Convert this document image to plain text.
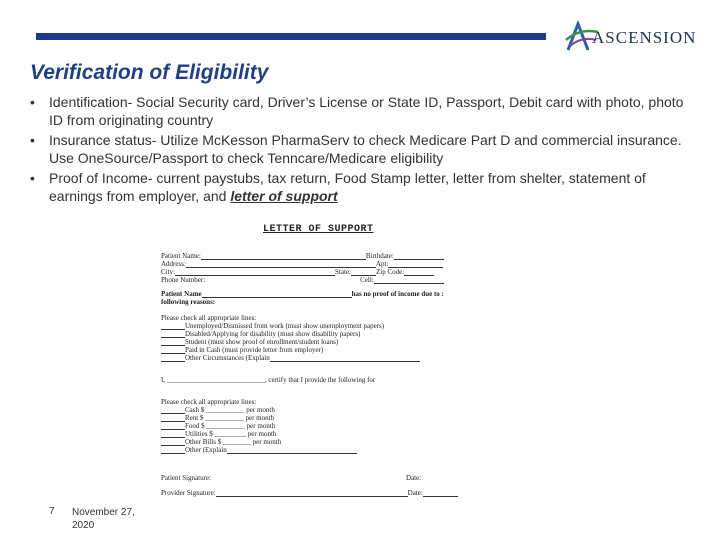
ASCENSION
Verification of Eligibility
• Identification- Social Security card, Driver’s License or State ID, Passport, Debit card with photo, photo ID from originating country
• Insurance status- Utilize McKesson PharmaServ to check Medicare Part D and commercial insurance. Use OneSource/Passport to check Tenncare/Medicare eligibility
• Proof of Income- current paystubs, tax return, Food Stamp letter, letter from shelter, statement of earnings from employer, and letter of support
LETTER OF SUPPORT
Patient Name:	Birthdate:
Address:	Apt:
City:	State:	Zip Code:
Phone Number:	Cell:
Patient Name	has no proof of income due to :
following reasons:
Please check all appropriate lines:
Unemployed/Dismissed from work (must show unemployment papers)
Disabled/Applying for disability (must show disability papers)
Student (must show proof of enrollment/student loans)
Paid in Cash (must provide letter from employer)
Other Circumstances (Explain
I, ____________________________, certify that I provide the following for
Please check all appropriate lines:
Cash $ ___________ per month
Rent $ ___________ per month
Food $ ___________ per month
Utilities $ _________ per month
Other Bills $ ________ per month
Other (Explain
Patient Signature:	Date:
Provider Signature:	Date:
7 November 27, 2020
